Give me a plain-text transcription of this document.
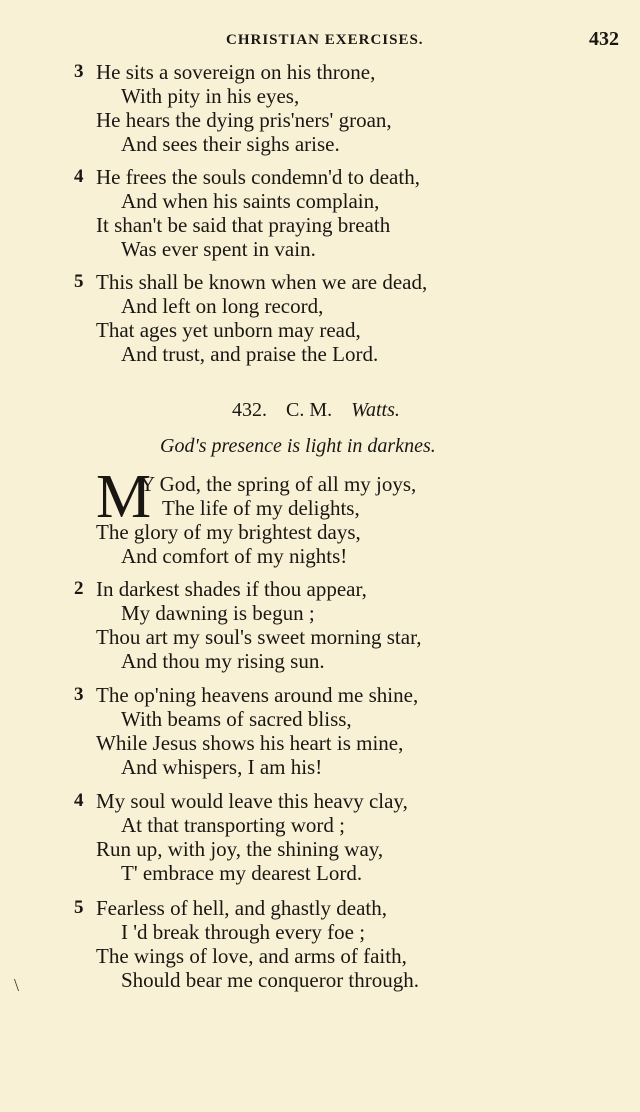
CHRISTIAN EXERCISES.	432
3 He sits a sovereign on his throne,
With pity in his eyes,
He hears the dying pris'ners' groan,
And sees their sighs arise.
4 He frees the souls condemn'd to death,
And when his saints complain,
It shan't be said that praying breath
Was ever spent in vain.
5 This shall be known when we are dead,
And left on long record,
That ages yet unborn may read,
And trust, and praise the Lord.
432. C. M. Watts.
God's presence is light in darknes.
M
Y God, the spring of all my joys,
The life of my delights,
The glory of my brightest days,
And comfort of my nights!
2 In darkest shades if thou appear,
My dawning is begun ;
Thou art my soul's sweet morning star,
And thou my rising sun.
3 The op'ning heavens around me shine,
With beams of sacred bliss,
While Jesus shows his heart is mine,
And whispers, I am his!
4 My soul would leave this heavy clay,
At that transporting word ;
Run up, with joy, the shining way,
T' embrace my dearest Lord.
5 Fearless of hell, and ghastly death,
I 'd break through every foe ;
The wings of love, and arms of faith,
Should bear me conqueror through.
\
